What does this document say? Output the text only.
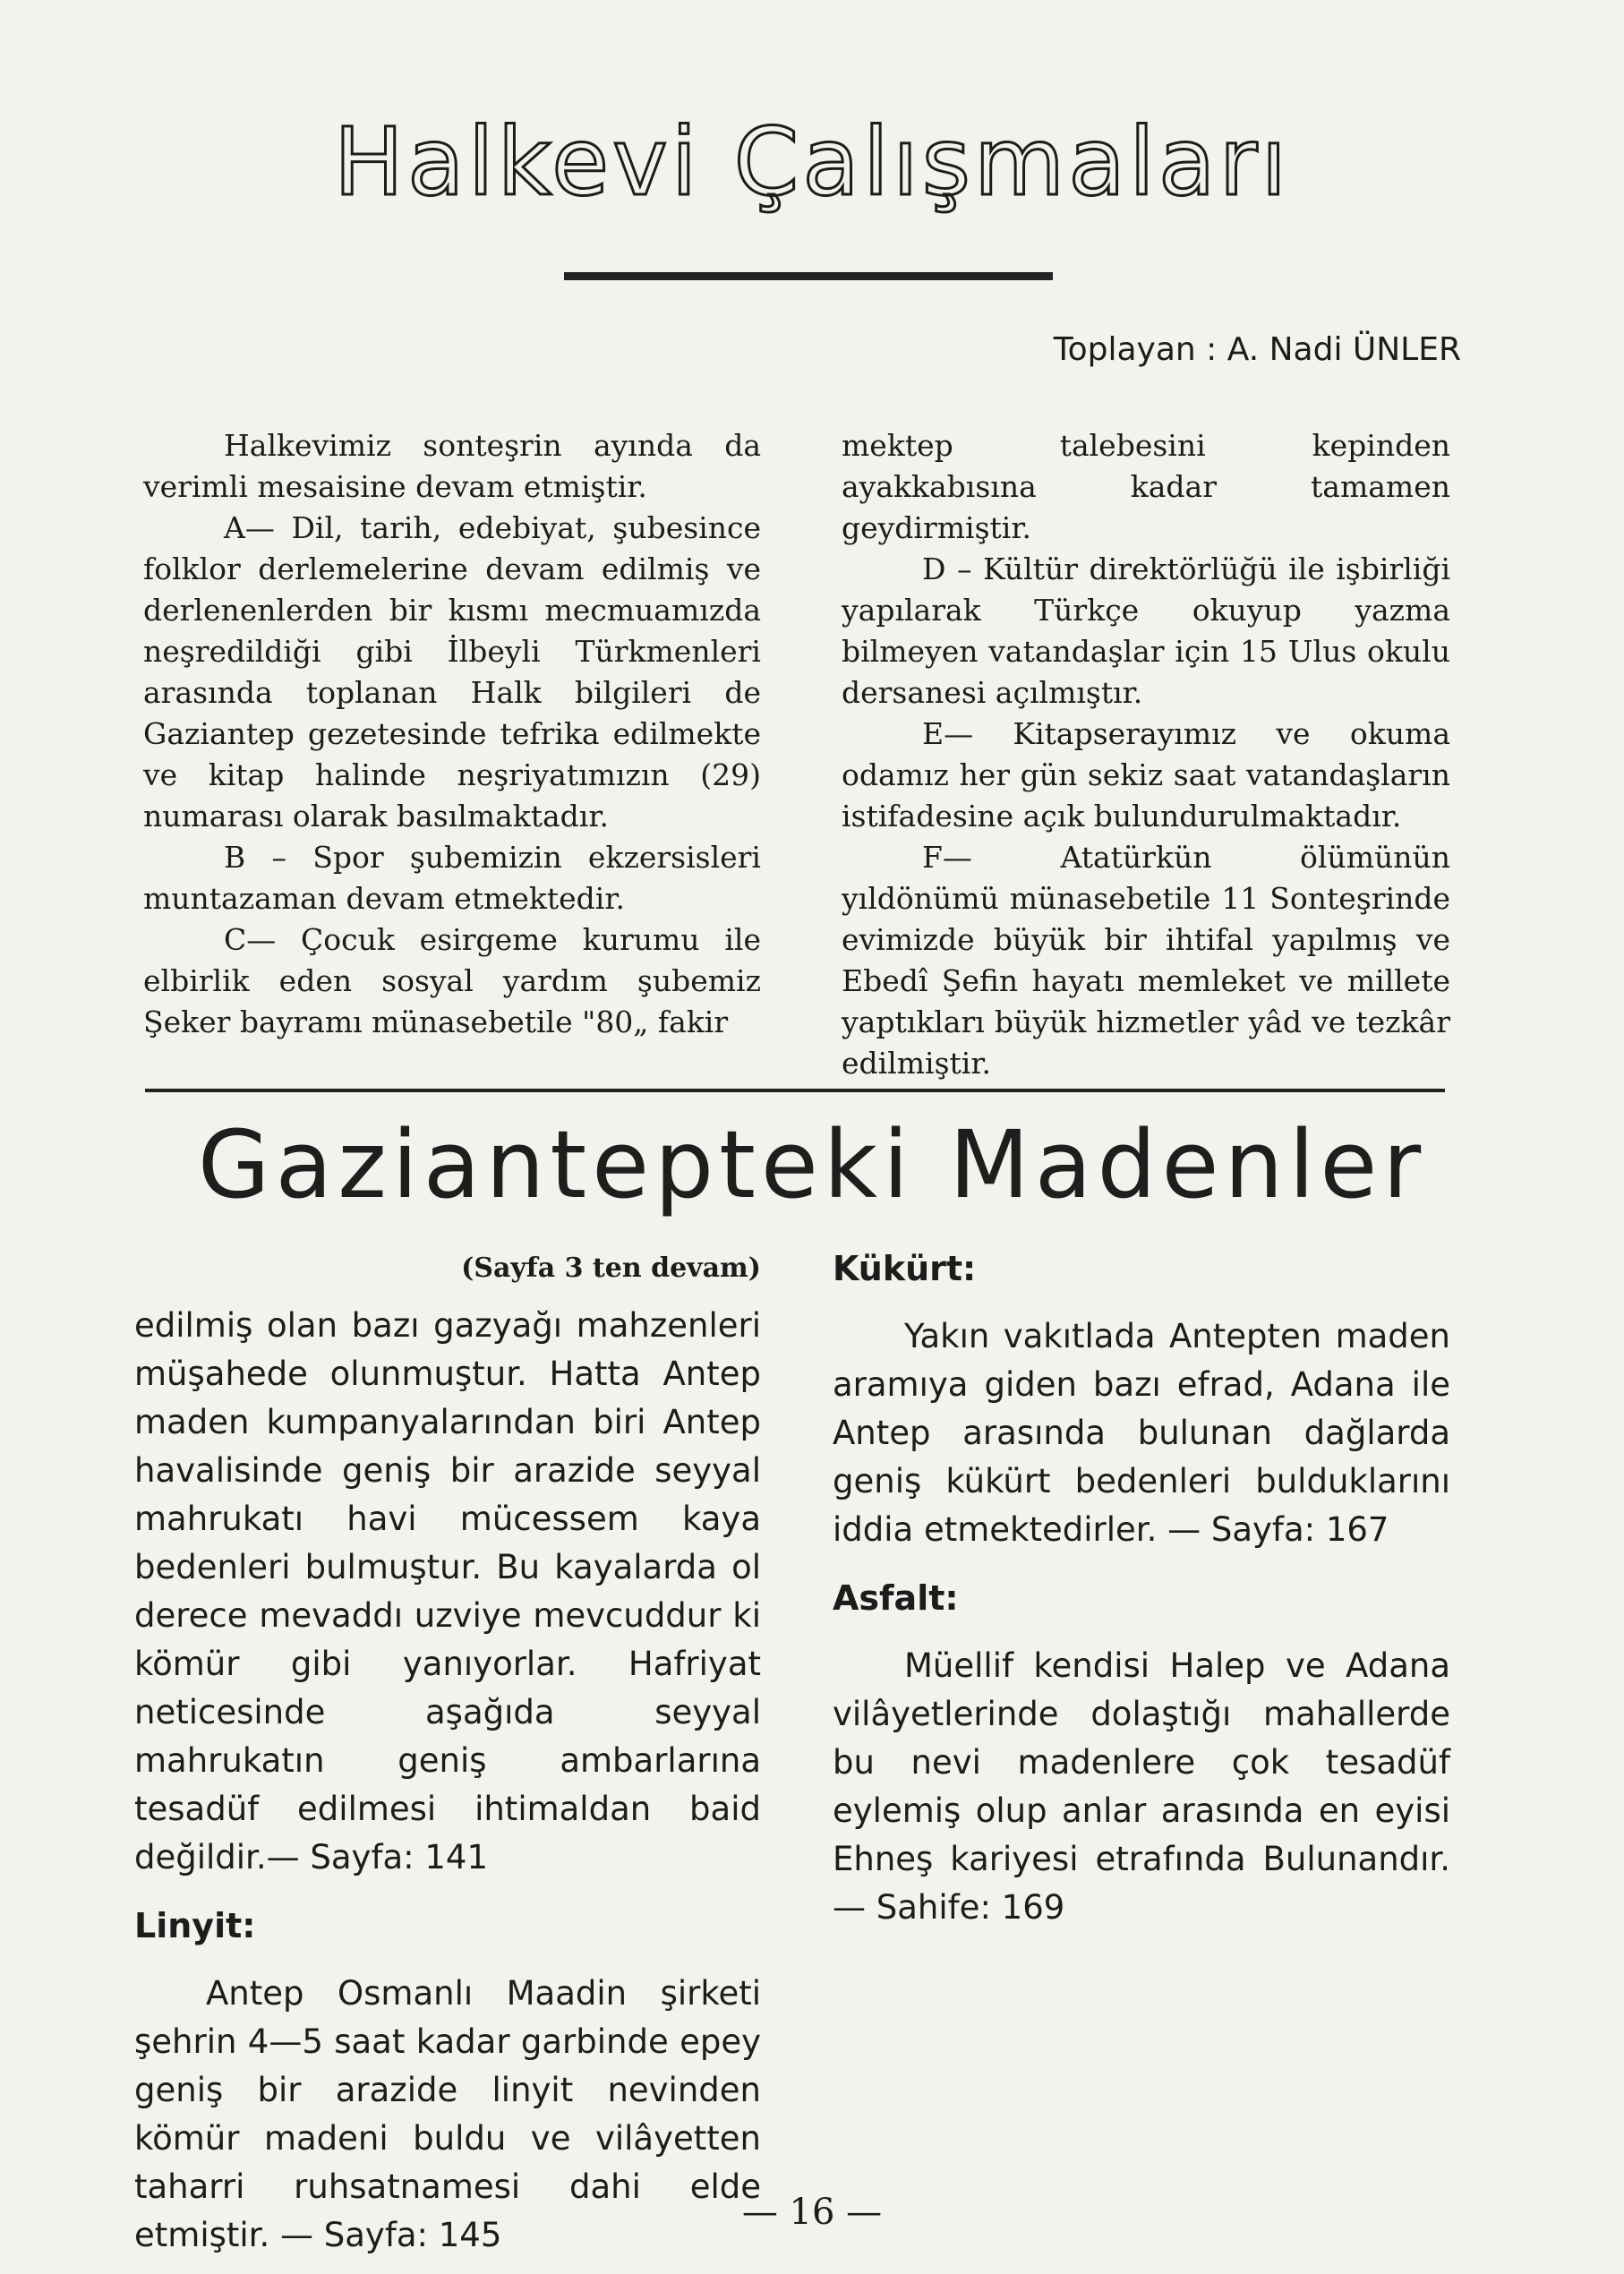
Halkevi Çalışmaları
Toplayan : A. Nadi ÜNLER

Halkevimiz sonteşrin ayında da verimli mesaisine devam etmiştir.

A— Dil, tarih, edebiyat, şubesince folklor derlemelerine devam edilmiş ve derlenenlerden bir kısmı mecmuamızda neşredildiği gibi İlbeyli Türkmenleri arasında toplanan Halk bilgileri de Gaziantep gezetesinde tefrika edilmekte ve kitap halinde neşriyatımızın (29) numarası olarak basılmaktadır.

B – Spor şubemizin ekzersisleri muntazaman devam etmektedir.

C— Çocuk esirgeme kurumu ile elbirlik eden sosyal yardım şubemiz Şeker bayramı münasebetile "80„ fakir

mektep talebesini kepinden ayakkabısına kadar tamamen geydirmiştir.

D – Kültür direktörlüğü ile işbirliği yapılarak Türkçe okuyup yazma bilmeyen vatandaşlar için 15 Ulus okulu dersanesi açılmıştır.

E— Kitapserayımız ve okuma odamız her gün sekiz saat vatandaşların istifadesine açık bulundurulmaktadır.

F— Atatürkün ölümünün yıldönümü münasebetile 11 Sonteşrinde evimizde büyük bir ihtifal yapılmış ve Ebedî Şefin hayatı memleket ve millete yaptıkları büyük hizmetler yâd ve tezkâr edilmiştir.

Gaziantepteki Madenler

(Sayfa 3 ten devam)

edilmiş olan bazı gazyağı mahzenleri müşahede olunmuştur. Hatta Antep maden kumpanyalarından biri Antep havalisinde geniş bir arazide seyyal mahrukatı havi mücessem kaya bedenleri bulmuştur. Bu kayalarda ol derece mevaddı uzviye mevcuddur ki kömür gibi yanıyorlar. Hafriyat neticesinde aşağıda seyyal mahrukatın geniş ambarlarına tesadüf edilmesi ihtimaldan baid değildir.— Sayfa: 141

Linyit:

Antep Osmanlı Maadin şirketi şehrin 4—5 saat kadar garbinde epey geniş bir arazide linyit nevinden kömür madeni buldu ve vilâyetten taharri ruhsatnamesi dahi elde etmiştir. — Sayfa: 145

Kükürt:

Yakın vakıtlada Antepten maden aramıya giden bazı efrad, Adana ile Antep arasında bulunan dağlarda geniş kükürt bedenleri bulduklarını iddia etmektedirler. — Sayfa: 167

Asfalt:

Müellif kendisi Halep ve Adana vilâyetlerinde dolaştığı mahallerde bu nevi madenlere çok tesadüf eylemiş olup anlar arasında en eyisi Ehneş kariyesi etrafında Bulunandır. — Sahife: 169

— 16 —
